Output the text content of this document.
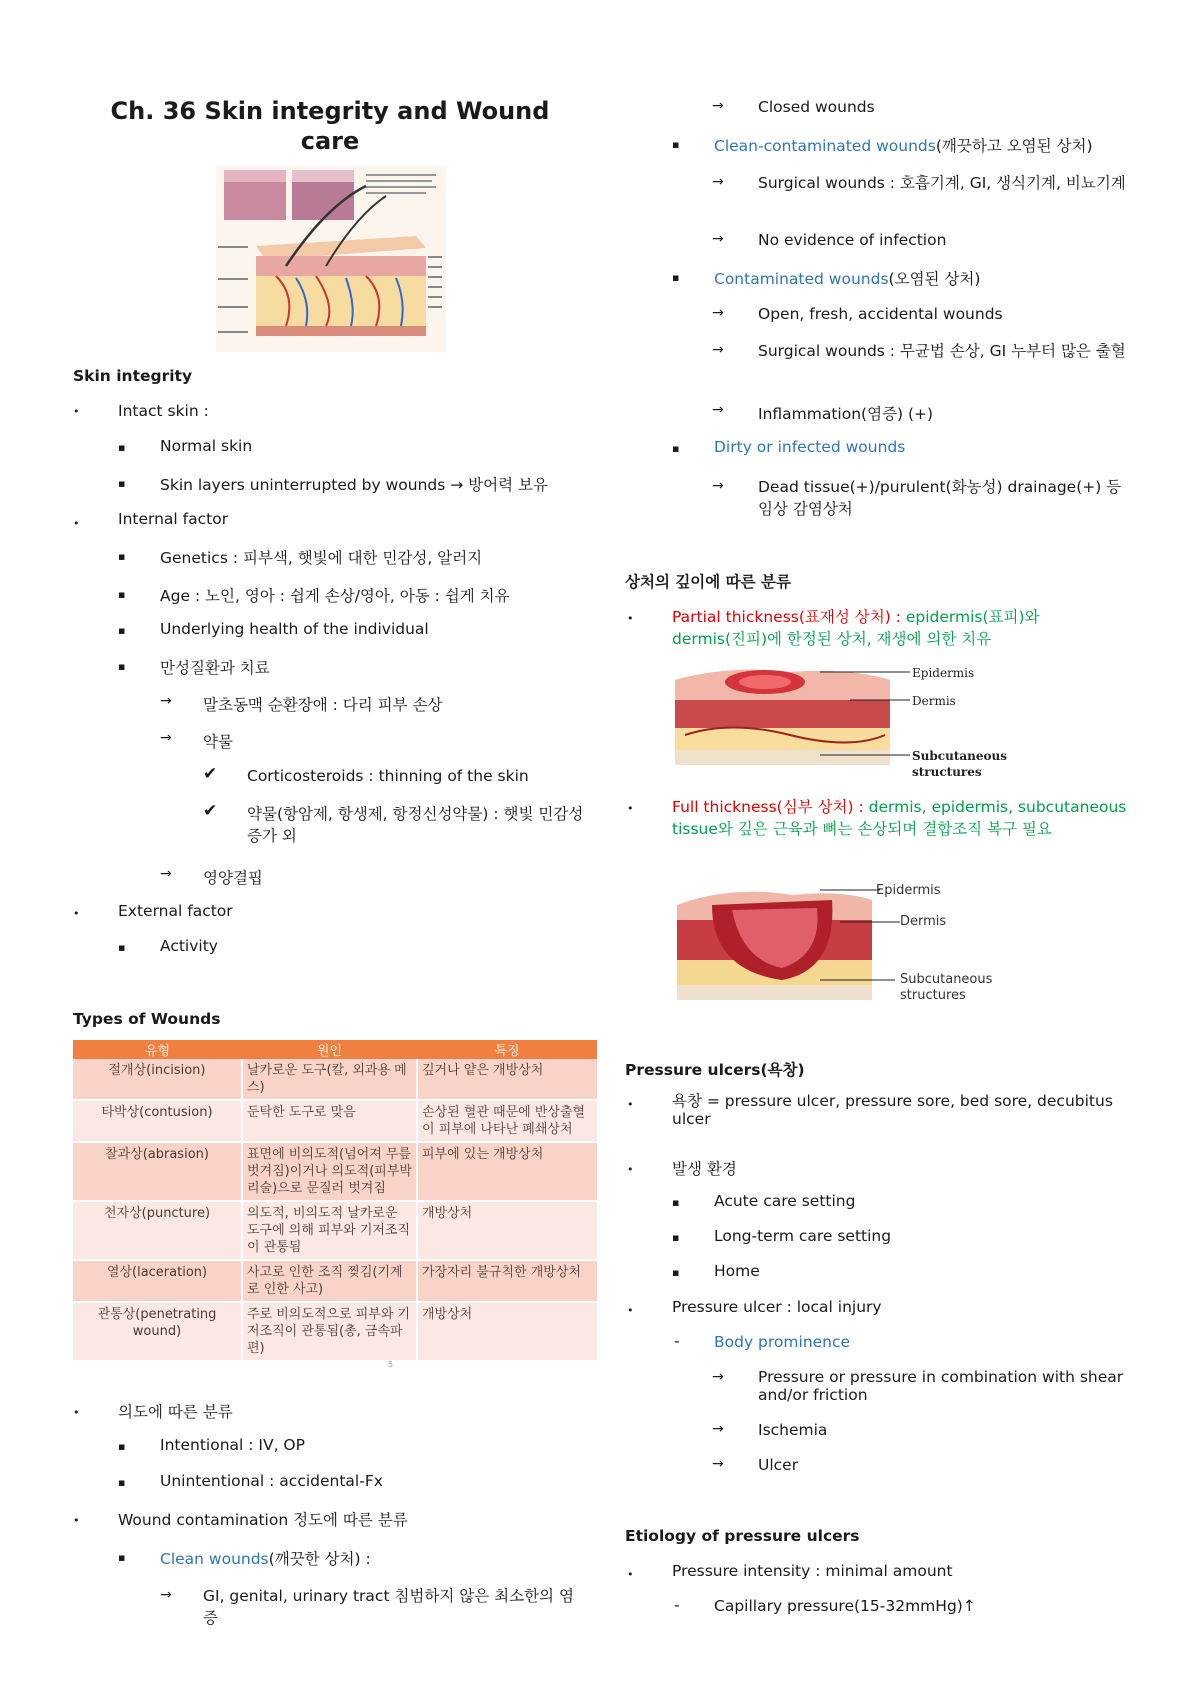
Ch. 36 Skin integrity and Wound care
Skin integrity
• Intact skin :
▪ Normal skin
▪ Skin layers uninterrupted by wounds → 방어력 보유
• Internal factor
▪ Genetics : 피부색, 햇빛에 대한 민감성, 알러지
▪ Age : 노인, 영아 : 쉽게 손상/영아, 아동 : 쉽게 치유
▪ Underlying health of the individual
▪ 만성질환과 치료
→ 말초동맥 순환장애 : 다리 피부 손상
→ 약물
✔ Corticosteroids : thinning of the skin
✔ 약물(항암제, 항생제, 항정신성약물) : 햇빛 민감성 증가 외
→ 영양결핍
• External factor
▪ Activity
Types of Wounds
유형	원인	특징
절개상(incision)	날카로운 도구(칼, 외과용 메스)	깊거나 얕은 개방상처
타박상(contusion)	둔탁한 도구로 맞음	손상된 혈관 때문에 반상출혈이 피부에 나타난 폐쇄상처
찰과상(abrasion)	표면에 비의도적(넘어져 무릎 벗겨짐)이거나 의도적(피부박리술)으로 문질러 벗겨짐	피부에 있는 개방상처
천자상(puncture)	의도적, 비의도적 날카로운 도구에 의해 피부와 기저조직이 관통됨	개방상처
열상(laceration)	사고로 인한 조직 찢김(기계로 인한 사고)	가장자리 불규칙한 개방상처
관통상(penetrating wound)	주로 비의도적으로 피부와 기저조직이 관통됨(총, 금속파편)	개방상처
5
• 의도에 따른 분류
▪ Intentional : IV, OP
▪ Unintentional : accidental-Fx
• Wound contamination 정도에 따른 분류
▪ Clean wounds(깨끗한 상처) :
→ GI, genital, urinary tract 침범하지 않은 최소한의 염증
→ Closed wounds
▪ Clean-contaminated wounds(깨끗하고 오염된 상처)
→ Surgical wounds : 호흡기계, GI, 생식기계, 비뇨기계
→ No evidence of infection
▪ Contaminated wounds(오염된 상처)
→ Open, fresh, accidental wounds
→ Surgical wounds : 무균법 손상, GI 누부터 많은 출혈
→ Inflammation(염증) (+)
▪ Dirty or infected wounds
→ Dead tissue(+)/purulent(화농성) drainage(+) 등 임상 감염상처
상처의 깊이에 따른 분류
• Partial thickness(표재성 상처) : epidermis(표피)와 dermis(진피)에 한정된 상처, 재생에 의한 치유
Epidermis
Dermis
Subcutaneous
structures
• Full thickness(심부 상처) : dermis, epidermis, subcutaneous tissue와 깊은 근육과 뼈는 손상되며 결합조직 복구 필요
Epidermis
Dermis
Subcutaneous
structures
Pressure ulcers(욕창)
• 욕창 = pressure ulcer, pressure sore, bed sore, decubitus ulcer
• 발생 환경
▪ Acute care setting
▪ Long-term care setting
▪ Home
• Pressure ulcer : local injury
- Body prominence
→ Pressure or pressure in combination with shear and/or friction
→ Ischemia
→ Ulcer
Etiology of pressure ulcers
• Pressure intensity : minimal amount
- Capillary pressure(15-32mmHg)↑
